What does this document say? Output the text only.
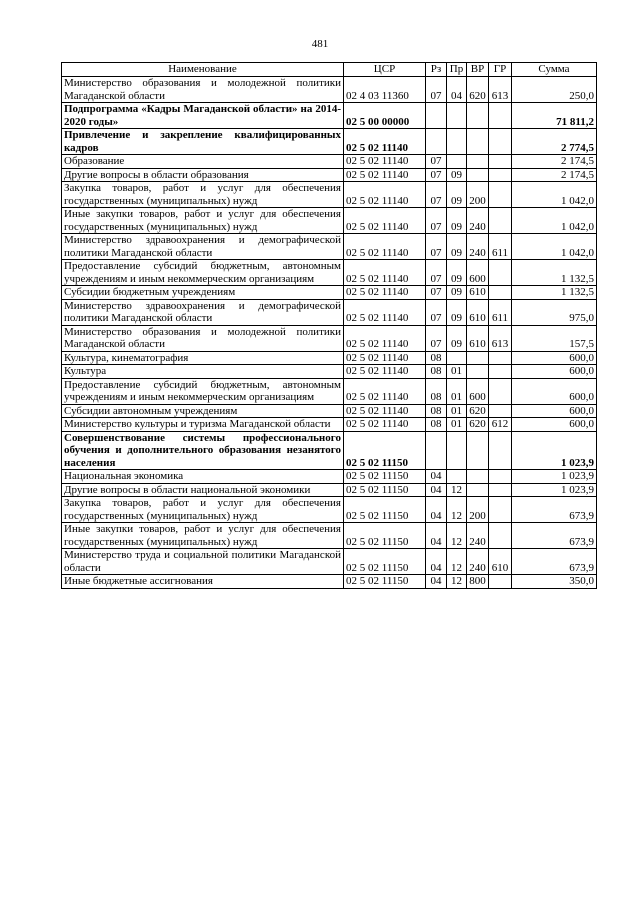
481
Наименование	ЦСР	Рз	Пр	ВР	ГР	Сумма
Министерство образования и молодежной политики Магаданской области	02 4 03 11360	07	04	620	613	250,0
Подпрограмма «Кадры Магаданской области» на 2014-2020 годы»	02 5 00 00000					71 811,2
Привлечение и закрепление квалифицированных кадров	02 5 02 11140					2 774,5
Образование	02 5 02 11140	07				2 174,5
Другие вопросы в области образования	02 5 02 11140	07	09			2 174,5
Закупка товаров, работ и услуг для обеспечения государственных (муниципальных) нужд	02 5 02 11140	07	09	200		1 042,0
Иные закупки товаров, работ и услуг для обеспечения государственных (муниципальных) нужд	02 5 02 11140	07	09	240		1 042,0
Министерство здравоохранения и демографической политики Магаданской области	02 5 02 11140	07	09	240	611	1 042,0
Предоставление субсидий бюджетным, автономным учреждениям и иным некоммерческим организациям	02 5 02 11140	07	09	600		1 132,5
Субсидии бюджетным учреждениям	02 5 02 11140	07	09	610		1 132,5
Министерство здравоохранения и демографической политики Магаданской области	02 5 02 11140	07	09	610	611	975,0
Министерство образования и молодежной политики Магаданской области	02 5 02 11140	07	09	610	613	157,5
Культура, кинематография	02 5 02 11140	08				600,0
Культура	02 5 02 11140	08	01			600,0
Предоставление субсидий бюджетным, автономным учреждениям и иным некоммерческим организациям	02 5 02 11140	08	01	600		600,0
Субсидии автономным учреждениям	02 5 02 11140	08	01	620		600,0
Министерство культуры и туризма Магаданской области	02 5 02 11140	08	01	620	612	600,0
Совершенствование системы профессионального обучения и дополнительного образования незанятого населения	02 5 02 11150					1 023,9
Национальная экономика	02 5 02 11150	04				1 023,9
Другие вопросы в области национальной экономики	02 5 02 11150	04	12			1 023,9
Закупка товаров, работ и услуг для обеспечения государственных (муниципальных) нужд	02 5 02 11150	04	12	200		673,9
Иные закупки товаров, работ и услуг для обеспечения государственных (муниципальных) нужд	02 5 02 11150	04	12	240		673,9
Министерство труда и социальной политики Магаданской области	02 5 02 11150	04	12	240	610	673,9
Иные бюджетные ассигнования	02 5 02 11150	04	12	800		350,0
